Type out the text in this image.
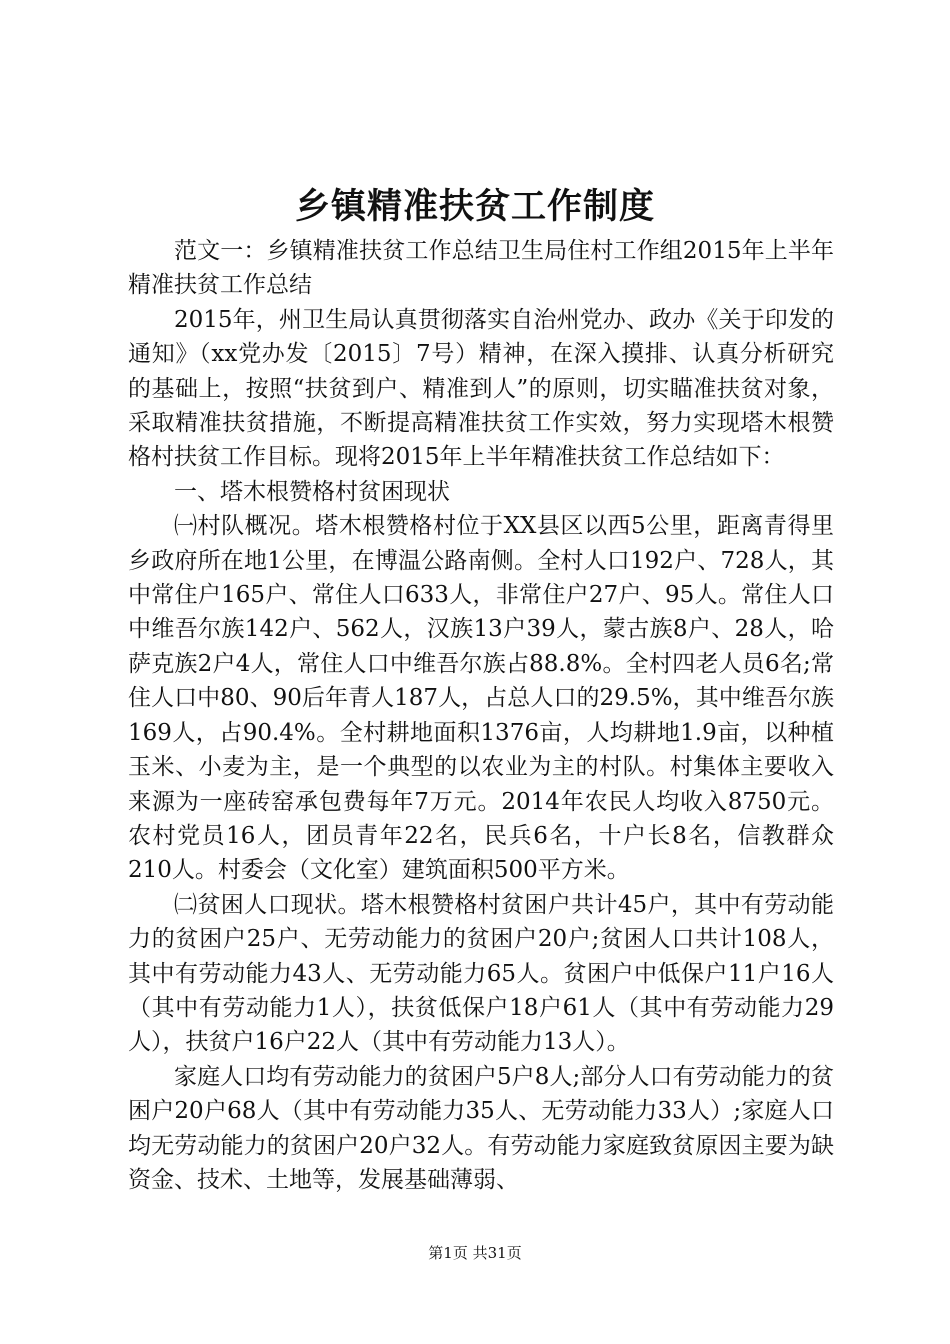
乡镇精准扶贫工作制度

范文一：乡镇精准扶贫工作总结卫生局住村工作组2015年上半年精准扶贫工作总结

2015年，州卫生局认真贯彻落实自治州党办、政办《关于印发的通知》（xx党办发〔2015〕7号）精神，在深入摸排、认真分析研究的基础上，按照“扶贫到户、精准到人”的原则，切实瞄准扶贫对象，采取精准扶贫措施，不断提高精准扶贫工作实效，努力实现塔木根赞格村扶贫工作目标。现将2015年上半年精准扶贫工作总结如下：

一、塔木根赞格村贫困现状

㈠村队概况。塔木根赞格村位于XX县区以西5公里，距离青得里乡政府所在地1公里，在博温公路南侧。全村人口192户、728人，其中常住户165户、常住人口633人，非常住户27户、95人。常住人口中维吾尔族142户、562人，汉族13户39人，蒙古族8户、28人，哈萨克族2户4人，常住人口中维吾尔族占88.8%。全村四老人员6名;常住人口中80、90后年青人187人，占总人口的29.5%，其中维吾尔族169人，占90.4%。全村耕地面积1376亩，人均耕地1.9亩，以种植玉米、小麦为主，是一个典型的以农业为主的村队。村集体主要收入来源为一座砖窑承包费每年7万元。2014年农民人均收入8750元。农村党员16人，团员青年22名，民兵6名，十户长8名，信教群众210人。村委会（文化室）建筑面积500平方米。

㈡贫困人口现状。塔木根赞格村贫困户共计45户，其中有劳动能力的贫困户25户、无劳动能力的贫困户20户;贫困人口共计108人，其中有劳动能力43人、无劳动能力65人。贫困户中低保户11户16人（其中有劳动能力1人），扶贫低保户18户61人（其中有劳动能力29人），扶贫户16户22人（其中有劳动能力13人）。

家庭人口均有劳动能力的贫困户5户8人;部分人口有劳动能力的贫困户20户68人（其中有劳动能力35人、无劳动能力33人）;家庭人口均无劳动能力的贫困户20户32人。有劳动能力家庭致贫原因主要为缺资金、技术、土地等，发展基础薄弱、

第1页 共31页
